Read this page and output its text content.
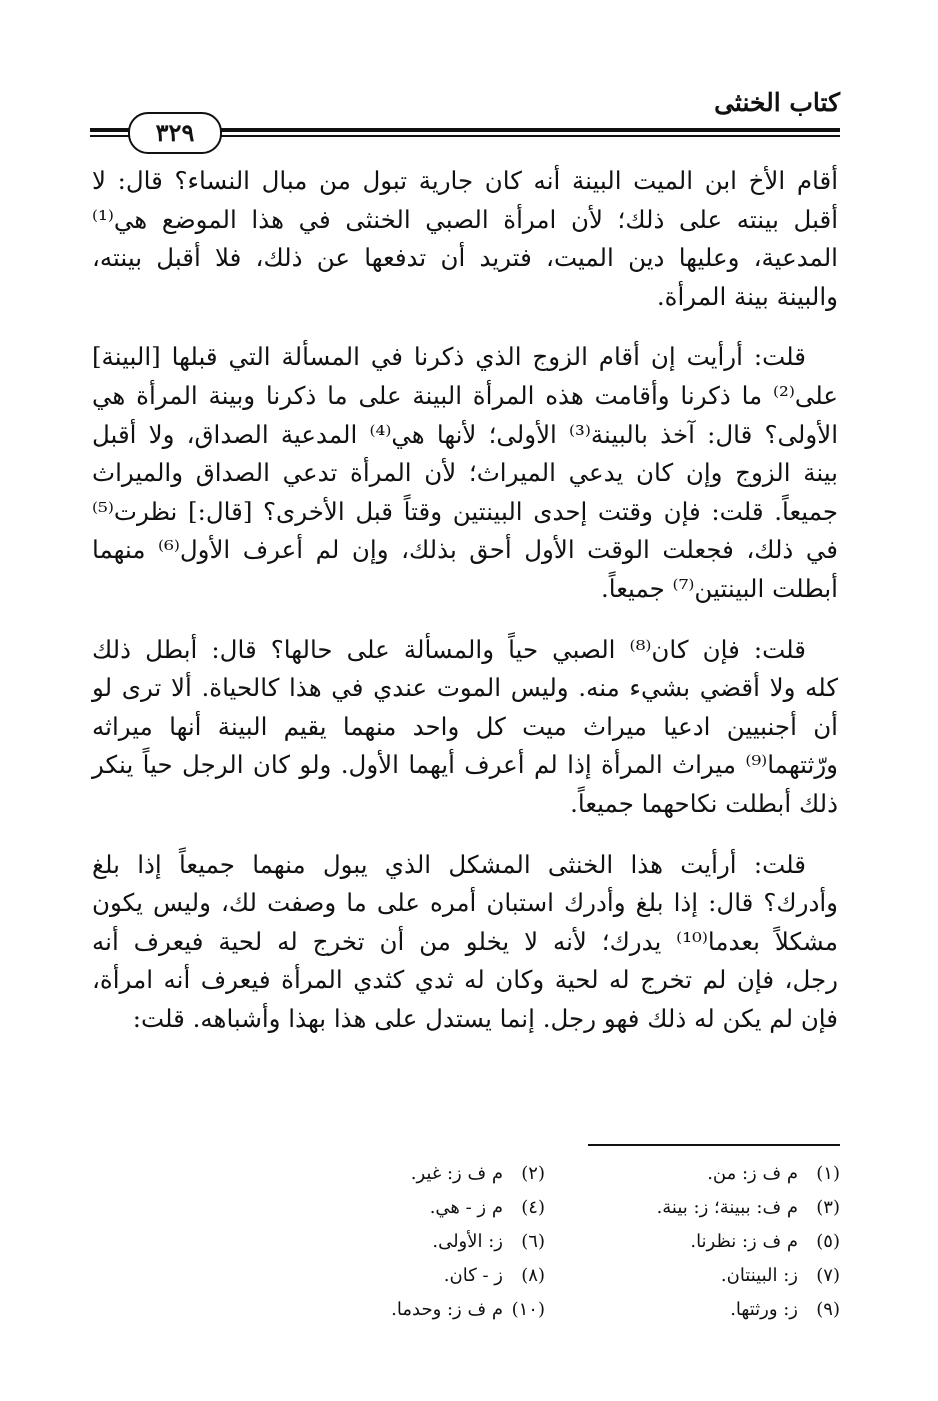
كتاب الخنثى
٣٢٩
أقام الأخ ابن الميت البينة أنه كان جارية تبول من مبال النساء؟ قال: لا
أقبل بينته على ذلك؛ لأن امرأة الصبي الخنثى في هذا الموضع هي⁽¹⁾
المدعية، وعليها دين الميت، فتريد أن تدفعها عن ذلك، فلا أقبل بينته،
والبينة بينة المرأة.
قلت: أرأيت إن أقام الزوج الذي ذكرنا في المسألة التي قبلها [البينة]
على⁽²⁾ ما ذكرنا وأقامت هذه المرأة البينة على ما ذكرنا وبينة المرأة هي
الأولى؟ قال: آخذ بالبينة⁽³⁾ الأولى؛ لأنها هي⁽⁴⁾ المدعية الصداق، ولا أقبل
بينة الزوج وإن كان يدعي الميراث؛ لأن المرأة تدعي الصداق والميراث
جميعاً. قلت: فإن وقتت إحدى البينتين وقتاً قبل الأخرى؟ [قال:] نظرت⁽⁵⁾
في ذلك، فجعلت الوقت الأول أحق بذلك، وإن لم أعرف الأول⁽⁶⁾ منهما
أبطلت البينتين⁽⁷⁾ جميعاً.
قلت: فإن كان⁽⁸⁾ الصبي حياً والمسألة على حالها؟ قال: أبطل ذلك
كله ولا أقضي بشيء منه. وليس الموت عندي في هذا كالحياة. ألا ترى لو
أن أجنبيين ادعيا ميراث ميت كل واحد منهما يقيم البينة أنها ميراثه
ورّثتهما⁽⁹⁾ ميراث المرأة إذا لم أعرف أيهما الأول. ولو كان الرجل حياً ينكر
ذلك أبطلت نكاحهما جميعاً.
قلت: أرأيت هذا الخنثى المشكل الذي يبول منهما جميعاً إذا بلغ
وأدرك؟ قال: إذا بلغ وأدرك استبان أمره على ما وصفت لك، وليس يكون
مشكلاً بعدما⁽¹⁰⁾ يدرك؛ لأنه لا يخلو من أن تخرج له لحية فيعرف أنه
رجل، فإن لم تخرج له لحية وكان له ثدي كثدي المرأة فيعرف أنه امرأة،
فإن لم يكن له ذلك فهو رجل. إنما يستدل على هذا بهذا وأشباهه. قلت:
(١)م ف ز: من.
(٢)م ف ز: غير.
(٣)م ف: ببينة؛ ز: بينة.
(٤)م ز - هي.
(٥)م ف ز: نظرنا.
(٦)ز: الأولى.
(٧)ز: البينتان.
(٨)ز - كان.
(٩)ز: ورثتها.
(١٠)م ف ز: وحدما.
